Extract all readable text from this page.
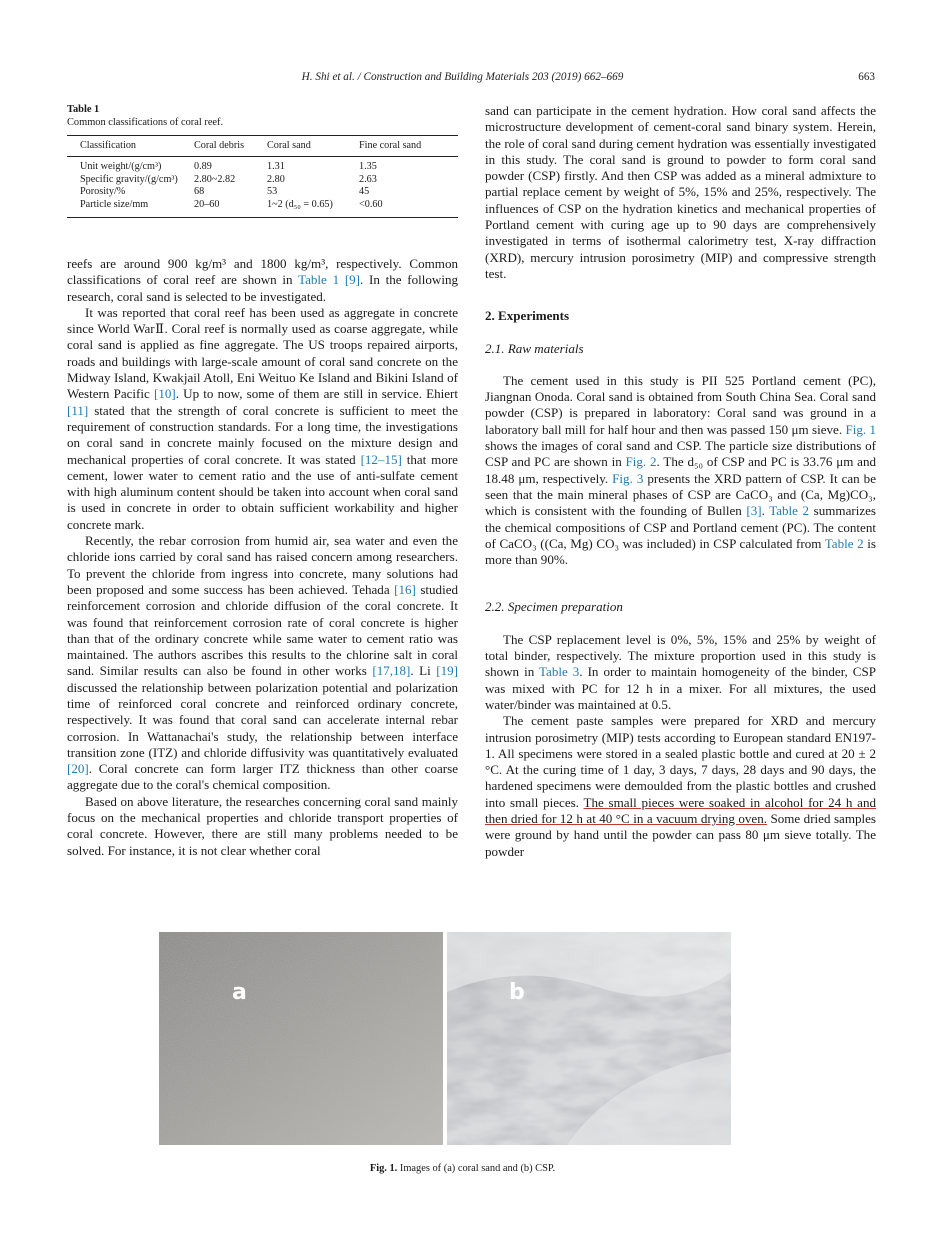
H. Shi et al. / Construction and Building Materials 203 (2019) 662–669	663

Table 1

Common classifications of coral reef.

Classification	Coral debris	Coral sand	Fine coral sand
Unit weight/(g/cm³)	0.89	1.31	1.35
Specific gravity/(g/cm³)	2.80~2.82	2.80	2.63
Porosity/%	68	53	45
Particle size/mm	20–60	1~2 (d₅₀ = 0.65)	<0.60

reefs are around 900 kg/m³ and 1800 kg/m³, respectively. Common classifications of coral reef are shown in Table 1 [9]. In the following research, coral sand is selected to be investigated.

It was reported that coral reef has been used as aggregate in concrete since World WarⅡ. Coral reef is normally used as coarse aggregate, while coral sand is applied as fine aggregate. The US troops repaired airports, roads and buildings with large-scale amount of coral sand concrete on the Midway Island, Kwakjail Atoll, Eni Weituo Ke Island and Bikini Island of Western Pacific [10]. Up to now, some of them are still in service. Ehiert [11] stated that the strength of coral concrete is sufficient to meet the requirement of construction standards. For a long time, the investigations on coral sand in concrete mainly focused on the mixture design and mechanical properties of coral concrete. It was stated [12–15] that more cement, lower water to cement ratio and the use of anti-sulfate cement with high aluminum content should be taken into account when coral sand is used in concrete in order to obtain sufficient workability and higher concrete mark.

Recently, the rebar corrosion from humid air, sea water and even the chloride ions carried by coral sand has raised concern among researchers. To prevent the chloride from ingress into concrete, many solutions had been proposed and some success has been achieved. Tehada [16] studied reinforcement corrosion and chloride diffusion of the coral concrete. It was found that reinforcement corrosion rate of coral concrete is higher than that of the ordinary concrete while same water to cement ratio was maintained. The authors ascribes this results to the chlorine salt in coral sand. Similar results can also be found in other works [17,18]. Li [19] discussed the relationship between polarization potential and polarization time of reinforced coral concrete and reinforced ordinary concrete, respectively. It was found that coral sand can accelerate internal rebar corrosion. In Wattanachai's study, the relationship between interface transition zone (ITZ) and chloride diffusivity was quantitatively evaluated [20]. Coral concrete can form larger ITZ thickness than other coarse aggregate due to the coral's chemical composition.

Based on above literature, the researches concerning coral sand mainly focus on the mechanical properties and chloride transport properties of coral concrete. However, there are still many problems needed to be solved. For instance, it is not clear whether coral

sand can participate in the cement hydration. How coral sand affects the microstructure development of cement-coral sand binary system. Herein, the role of coral sand during cement hydration was essentially investigated in this study. The coral sand is ground to powder to form coral sand powder (CSP) firstly. And then CSP was added as a mineral admixture to partial replace cement by weight of 5%, 15% and 25%, respectively. The influences of CSP on the hydration kinetics and mechanical properties of Portland cement with curing age up to 90 days are comprehensively investigated in terms of isothermal calorimetry test, X-ray diffraction (XRD), mercury intrusion porosimetry (MIP) and compressive strength test.

2. Experiments

2.1. Raw materials

The cement used in this study is PII 525 Portland cement (PC), Jiangnan Onoda. Coral sand is obtained from South China Sea. Coral sand powder (CSP) is prepared in laboratory: Coral sand was ground in a laboratory ball mill for half hour and then was passed 150 μm sieve. Fig. 1 shows the images of coral sand and CSP. The particle size distributions of CSP and PC are shown in Fig. 2. The d₅₀ of CSP and PC is 33.76 μm and 18.48 μm, respectively. Fig. 3 presents the XRD pattern of CSP. It can be seen that the main mineral phases of CSP are CaCO₃ and (Ca, Mg)CO₃, which is consistent with the founding of Bullen [3]. Table 2 summarizes the chemical compositions of CSP and Portland cement (PC). The content of CaCO₃ ((Ca, Mg) CO₃ was included) in CSP calculated from Table 2 is more than 90%.

2.2. Specimen preparation

The CSP replacement level is 0%, 5%, 15% and 25% by weight of total binder, respectively. The mixture proportion used in this study is shown in Table 3. In order to maintain homogeneity of the binder, CSP was mixed with PC for 12 h in a mixer. For all mixtures, the used water/binder was maintained at 0.5.

The cement paste samples were prepared for XRD and mercury intrusion porosimetry (MIP) tests according to European standard EN197-1. All specimens were stored in a sealed plastic bottle and cured at 20 ± 2 °C. At the curing time of 1 day, 3 days, 7 days, 28 days and 90 days, the hardened specimens were demoulded from the plastic bottles and crushed into small pieces. The small pieces were soaked in alcohol for 24 h and then dried for 12 h at 40 °C in a vacuum drying oven. Some dried samples were ground by hand until the powder can pass 80 μm sieve totally. The powder

a	b
Fig. 1. Images of (a) coral sand and (b) CSP.
